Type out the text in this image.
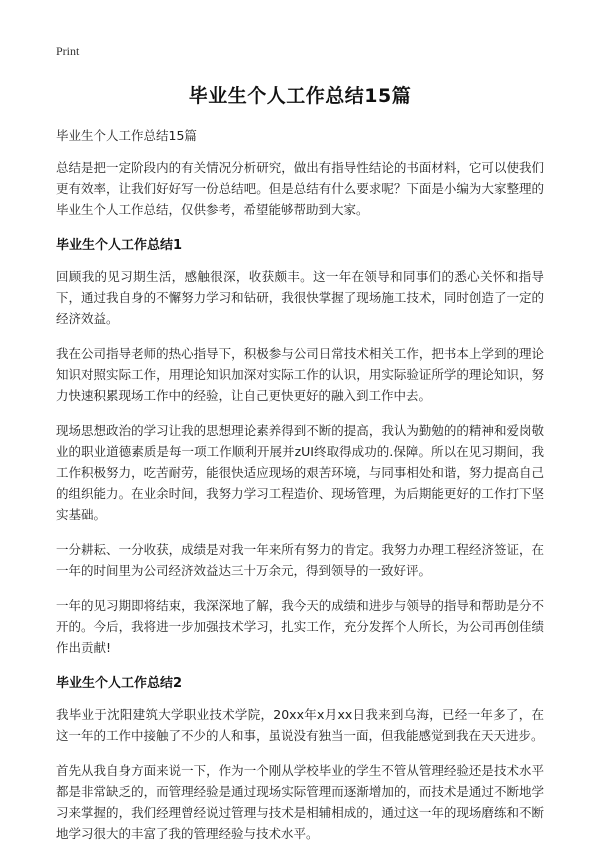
Print
毕业生个人工作总结15篇
毕业生个人工作总结15篇

总结是把一定阶段内的有关情况分析研究，做出有指导性结论的书面材料，它可以使我们更有效率，让我们好好写一份总结吧。但是总结有什么要求呢？下面是小编为大家整理的毕业生个人工作总结，仅供参考，希望能够帮助到大家。

毕业生个人工作总结1

回顾我的见习期生活，感触很深，收获颇丰。这一年在领导和同事们的悉心关怀和指导下，通过我自身的不懈努力学习和钻研，我很快掌握了现场施工技术，同时创造了一定的经济效益。

我在公司指导老师的热心指导下，积极参与公司日常技术相关工作，把书本上学到的理论知识对照实际工作，用理论知识加深对实际工作的认识，用实际验证所学的理论知识，努力快速积累现场工作中的经验，让自己更快更好的融入到工作中去。

现场思想政治的学习让我的思想理论素养得到不断的提高，我认为勤勉的的精神和爱岗敬业的职业道德素质是每一项工作顺利开展并zUI终取得成功的.保障。所以在见习期间，我工作积极努力，吃苦耐劳，能很快适应现场的艰苦环境，与同事相处和谐，努力提高自己的组织能力。在业余时间，我努力学习工程造价、现场管理，为后期能更好的工作打下坚实基础。

一分耕耘、一分收获，成绩是对我一年来所有努力的肯定。我努力办理工程经济签证，在一年的时间里为公司经济效益达三十万余元，得到领导的一致好评。

一年的见习期即将结束，我深深地了解，我今天的成绩和进步与领导的指导和帮助是分不开的。今后，我将进一步加强技术学习，扎实工作，充分发挥个人所长，为公司再创佳绩作出贡献!

毕业生个人工作总结2

我毕业于沈阳建筑大学职业技术学院，20xx年x月xx日我来到乌海，已经一年多了，在这一年的工作中接触了不少的人和事，虽说没有独当一面，但我能感觉到我在天天进步。

首先从我自身方面来说一下，作为一个刚从学校毕业的学生不管从管理经验还是技术水平都是非常缺乏的，而管理经验是通过现场实际管理而逐渐增加的，而技术是通过不断地学习来掌握的，我们经理曾经说过管理与技术是相辅相成的，通过这一年的现场磨练和不断地学习很大的丰富了我的管理经验与技术水平。
